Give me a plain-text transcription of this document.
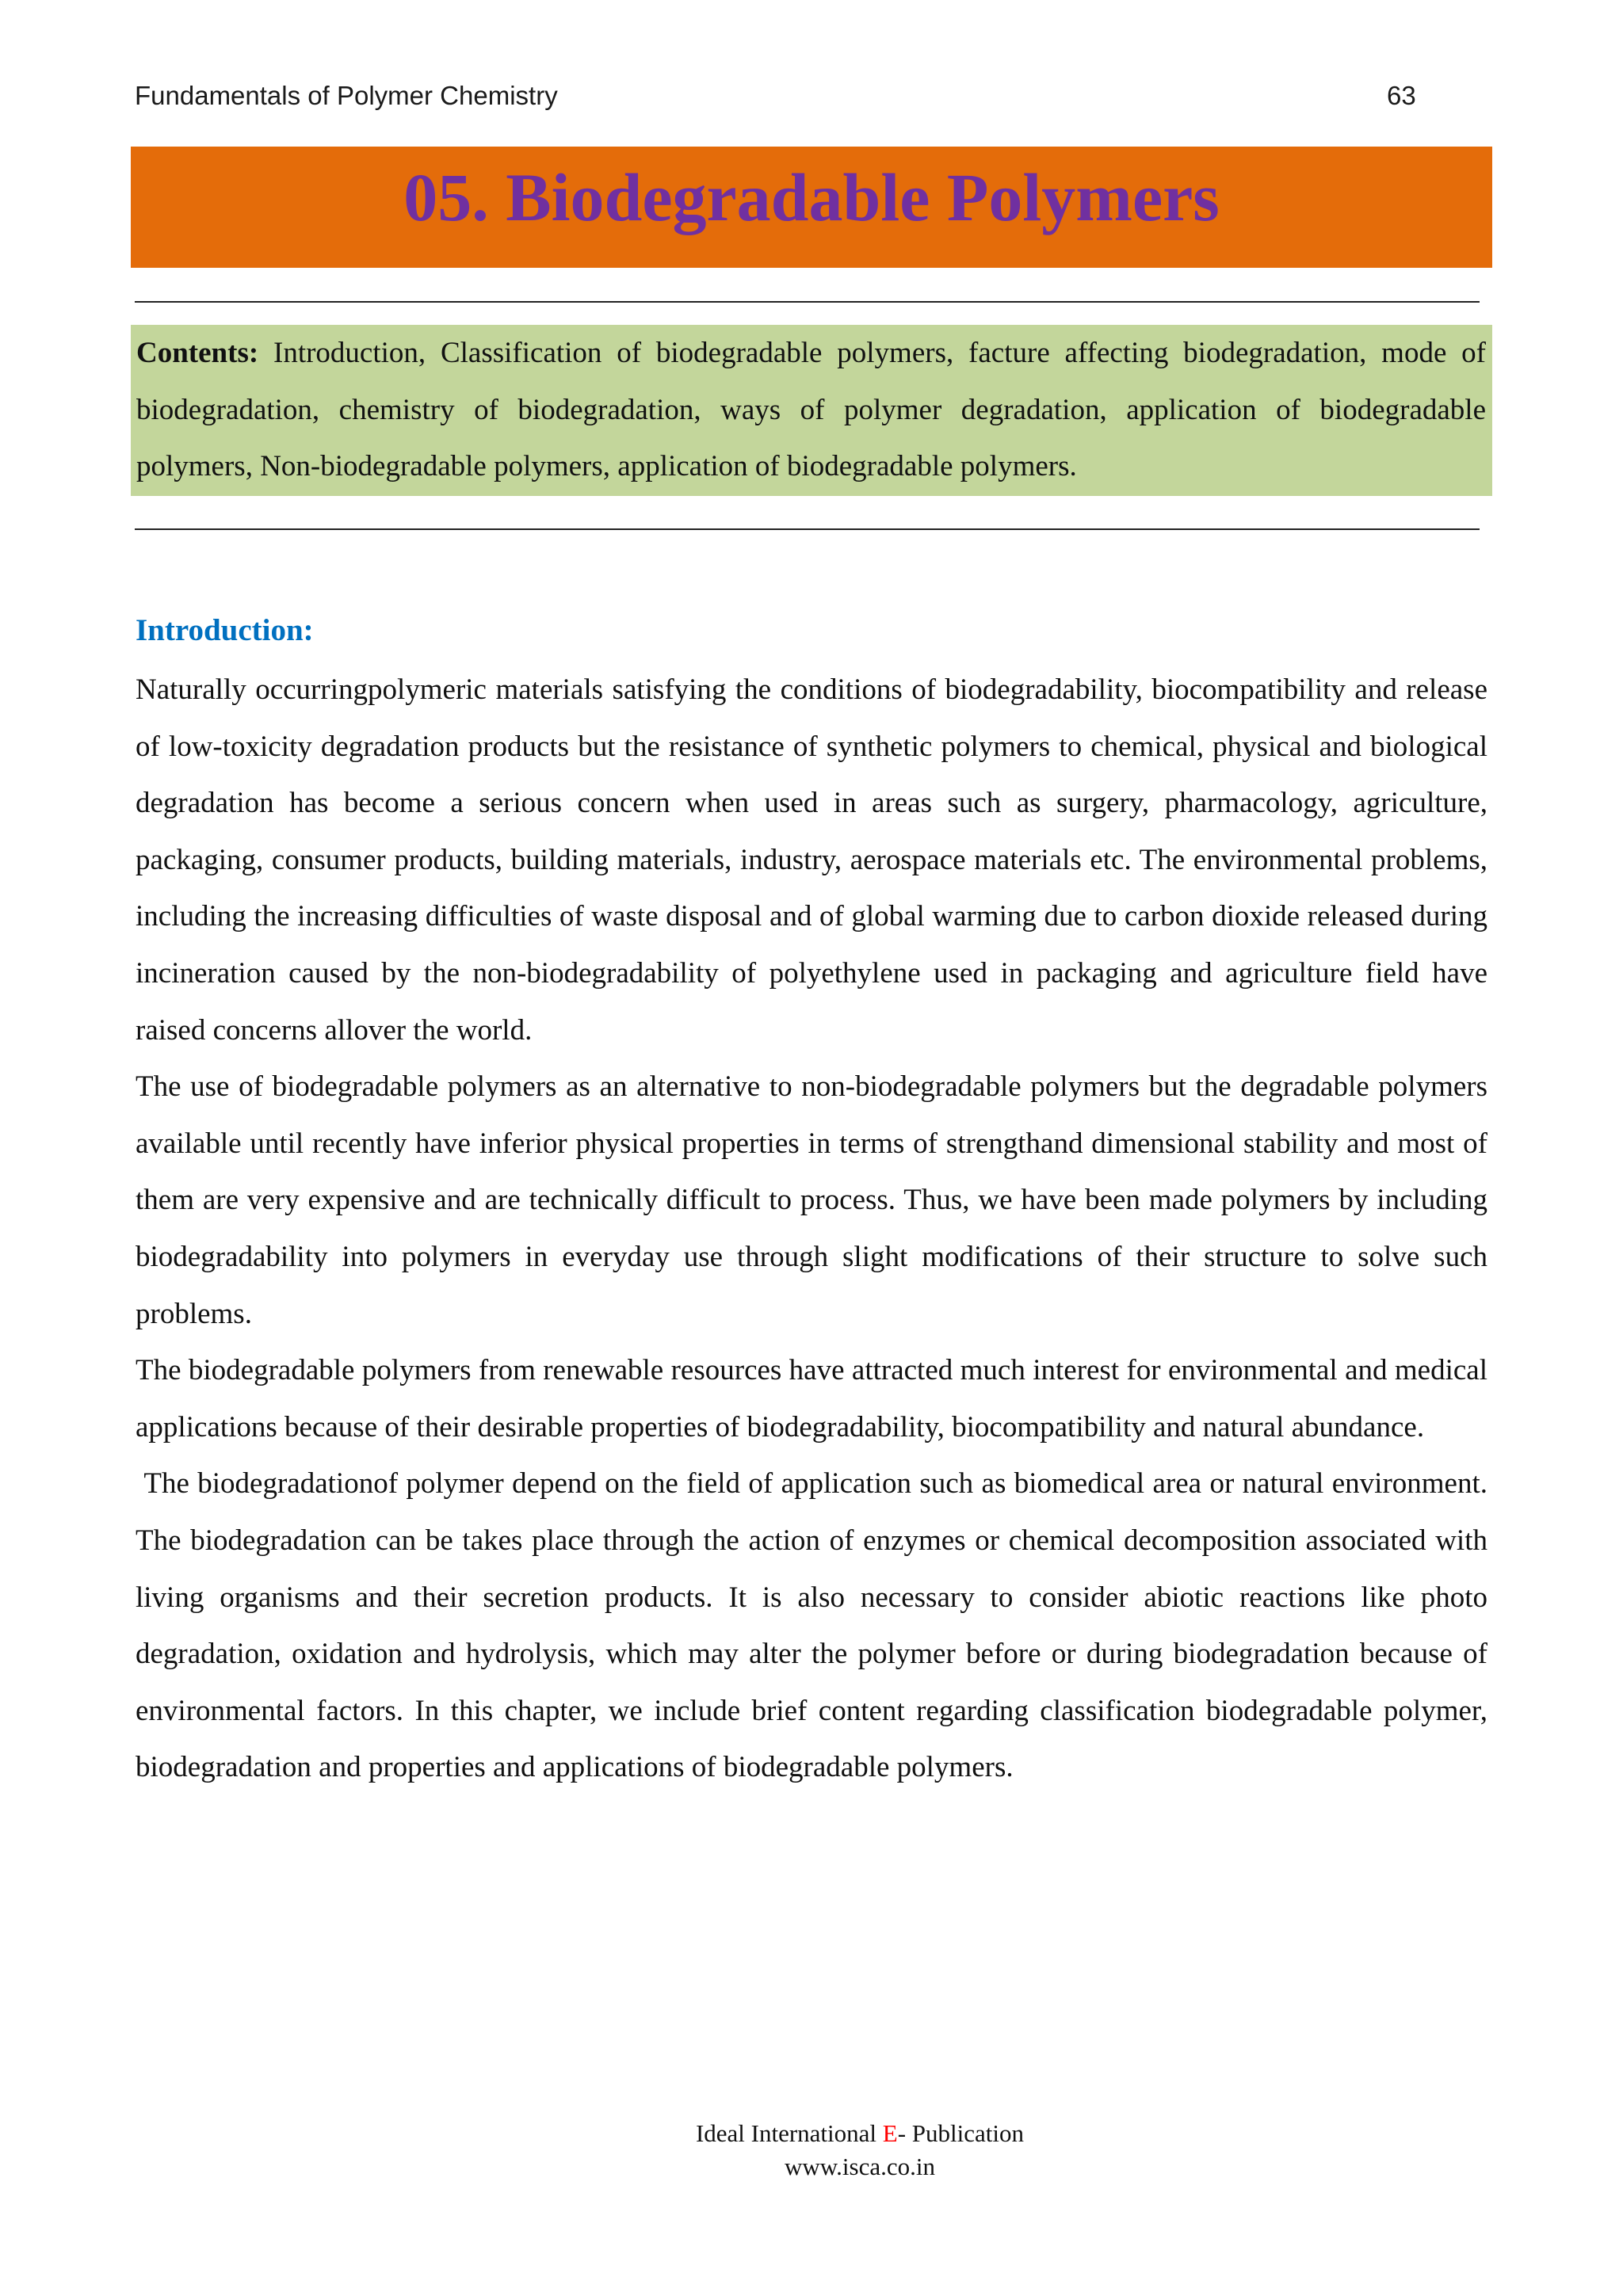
Fundamentals of Polymer Chemistry	63
05. Biodegradable Polymers
Contents: Introduction, Classification of biodegradable polymers, facture affecting biodegradation, mode of biodegradation, chemistry of biodegradation, ways of polymer degradation, application of biodegradable polymers, Non-biodegradable polymers, application of biodegradable polymers.
Introduction:

Naturally occurringpolymeric materials satisfying the conditions of biodegradability, biocompatibility and release of low-toxicity degradation products but the resistance of synthetic polymers to chemical, physical and biological degradation has become a serious concern when used in areas such as surgery, pharmacology, agriculture, packaging, consumer products, building materials, industry, aerospace materials etc. The environmental problems, including the increasing difficulties of waste disposal and of global warming due to carbon dioxide released during incineration caused by the non-biodegradability of polyethylene used in packaging and agriculture field have raised concerns allover the world.

The use of biodegradable polymers as an alternative to non-biodegradable polymers but the degradable polymers available until recently have inferior physical properties in terms of strengthand dimensional stability and most of them are very expensive and are technically difficult to process. Thus, we have been made polymers by including biodegradability into polymers in everyday use through slight modifications of their structure to solve such problems.

The biodegradable polymers from renewable resources have attracted much interest for environmental and medical applications because of their desirable properties of biodegradability, biocompatibility and natural abundance.

The biodegradationof polymer depend on the field of application such as biomedical area or natural environment. The biodegradation can be takes place through the action of enzymes or chemical decomposition associated with living organisms and their secretion products. It is also necessary to consider abiotic reactions like photo degradation, oxidation and hydrolysis, which may alter the polymer before or during biodegradation because of environmental factors. In this chapter, we include brief content regarding classification biodegradable polymer, biodegradation and properties and applications of biodegradable polymers.

Ideal International E- Publication
www.isca.co.in
